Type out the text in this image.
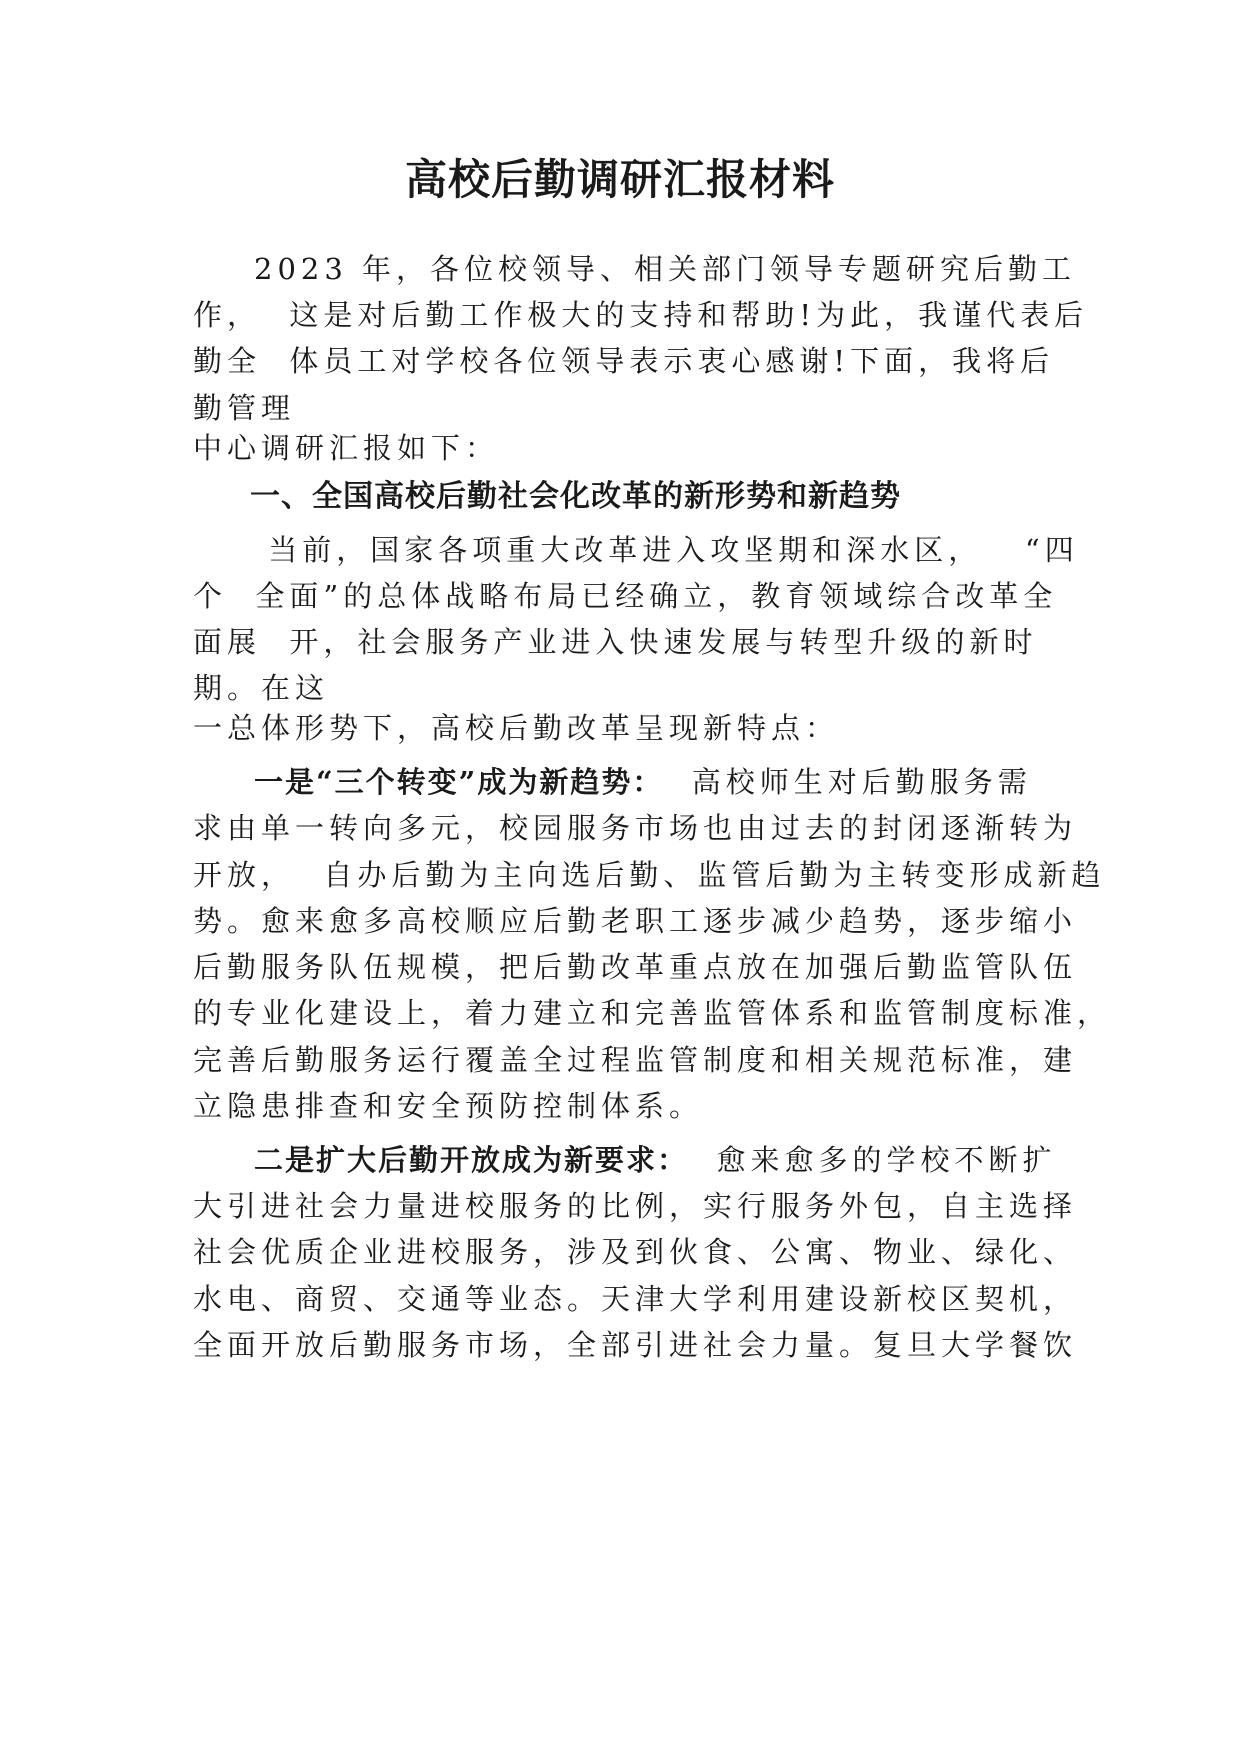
高校后勤调研汇报材料
2023 年，各位校领导、相关部门领导专题研究后勤工
作，  这是对后勤工作极大的支持和帮助!为此，我谨代表后
勤全  体员工对学校各位领导表示衷心感谢!下面，我将后
勤管理
中心调研汇报如下：
一、全国高校后勤社会化改革的新形势和新趋势
当前，国家各项重大改革进入攻坚期和深水区，   “四
个  全面”的总体战略布局已经确立，教育领域综合改革全
面展  开，社会服务产业进入快速发展与转型升级的新时
期。在这
一总体形势下，高校后勤改革呈现新特点：
一是“三个转变”成为新趋势：  高校师生对后勤服务需
求由单一转向多元，校园服务市场也由过去的封闭逐渐转为
开放，  自办后勤为主向选后勤、监管后勤为主转变形成新趋
势。愈来愈多高校顺应后勤老职工逐步减少趋势，逐步缩小
后勤服务队伍规模，把后勤改革重点放在加强后勤监管队伍
的专业化建设上，着力建立和完善监管体系和监管制度标准，
完善后勤服务运行覆盖全过程监管制度和相关规范标准，建
立隐患排查和安全预防控制体系。
二是扩大后勤开放成为新要求：  愈来愈多的学校不断扩
大引进社会力量进校服务的比例，实行服务外包，自主选择
社会优质企业进校服务，涉及到伙食、公寓、物业、绿化、
水电、商贸、交通等业态。天津大学利用建设新校区契机，
全面开放后勤服务市场，全部引进社会力量。复旦大学餐饮
